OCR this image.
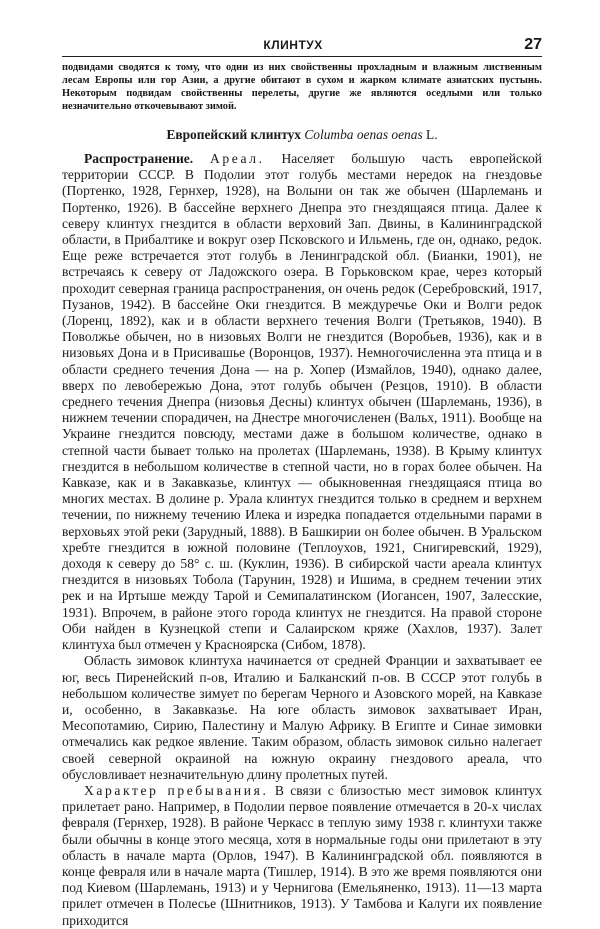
КЛИНТУХ	27

подвидами сводятся к тому, что одни из них свойственны прохладным и влажным лиственным лесам Европы или гор Азии, а другие обитают в сухом и жарком климате азиатских пустынь. Некоторым подвидам свойственны перелеты, другие же являются оседлыми или только незначительно откочевывают зимой.

Европейский клинтух Columba oenas oenas L.

Распространение. Ареал. Населяет большую часть европейской территории СССР. В Подолии этот голубь местами нередок на гнездовье (Портенко, 1928, Гернхер, 1928), на Волыни он так же обычен (Шарлемань и Портенко, 1926). В бассейне верхнего Днепра это гнездящаяся птица. Далее к северу клинтух гнездится в области верховий Зап. Двины, в Калининградской области, в Прибалтике и вокруг озер Псковского и Ильмень, где он, однако, редок. Еще реже встречается этот голубь в Ленинградской обл. (Бианки, 1901), не встречаясь к северу от Ладожского озера. В Горьковском крае, через который проходит северная граница распространения, он очень редок (Серебровский, 1917, Пузанов, 1942). В бассейне Оки гнездится. В междуречье Оки и Волги редок (Лоренц, 1892), как и в области верхнего течения Волги (Третьяков, 1940). В Поволжье обычен, но в низовьях Волги не гнездится (Воробьев, 1936), как и в низовьях Дона и в Присивашье (Воронцов, 1937). Немногочисленна эта птица и в области среднего течения Дона — на р. Хопер (Измайлов, 1940), однако далее, вверх по левобережью Дона, этот голубь обычен (Резцов, 1910). В области среднего течения Днепра (низовья Десны) клинтух обычен (Шарлемань, 1936), в нижнем течении спорадичен, на Днестре многочисленен (Вальх, 1911). Вообще на Украине гнездится повсюду, местами даже в большом количестве, однако в степной части бывает только на пролетах (Шарлемань, 1938). В Крыму клинтух гнездится в небольшом количестве в степной части, но в горах более обычен. На Кавказе, как и в Закавказье, клинтух — обыкновенная гнездящаяся птица во многих местах. В долине р. Урала клинтух гнездится только в среднем и верхнем течении, по нижнему течению Илека и изредка попадается отдельными парами в верховьях этой реки (Зарудный, 1888). В Башкирии он более обычен. В Уральском хребте гнездится в южной половине (Теплоухов, 1921, Снигиревский, 1929), доходя к северу до 58° с. ш. (Куклин, 1936). В сибирской части ареала клинтух гнездится в низовьях Тобола (Тарунин, 1928) и Ишима, в среднем течении этих рек и на Иртыше между Тарой и Семипалатинском (Иогансен, 1907, Залесские, 1931). Впрочем, в районе этого города клинтух не гнездится. На правой стороне Оби найден в Кузнецкой степи и Салаирском кряже (Хахлов, 1937). Залет клинтуха был отмечен у Красноярска (Сибом, 1878).

Область зимовок клинтуха начинается от средней Франции и захватывает ее юг, весь Пиренейский п-ов, Италию и Балканский п-ов. В СССР этот голубь в небольшом количестве зимует по берегам Черного и Азовского морей, на Кавказе и, особенно, в Закавказье. На юге область зимовок захватывает Иран, Месопотамию, Сирию, Палестину и Малую Африку. В Египте и Синае зимовки отмечались как редкое явление. Таким образом, область зимовок сильно налегает своей северной окраиной на южную окраину гнездового ареала, что обусловливает незначительную длину пролетных путей.

Характер пребывания. В связи с близостью мест зимовок клинтух прилетает рано. Например, в Подолии первое появление отмечается в 20-х числах февраля (Гернхер, 1928). В районе Черкасс в теплую зиму 1938 г. клинтухи также были обычны в конце этого месяца, хотя в нормальные годы они прилетают в эту область в начале марта (Орлов, 1947). В Калининградской обл. появляются в конце февраля или в начале марта (Тишлер, 1914). В это же время появляются они под Киевом (Шарлемань, 1913) и у Чернигова (Емельяненко, 1913). 11—13 марта прилет отмечен в Полесье (Шнитников, 1913). У Тамбова и Калуги их появление приходится
